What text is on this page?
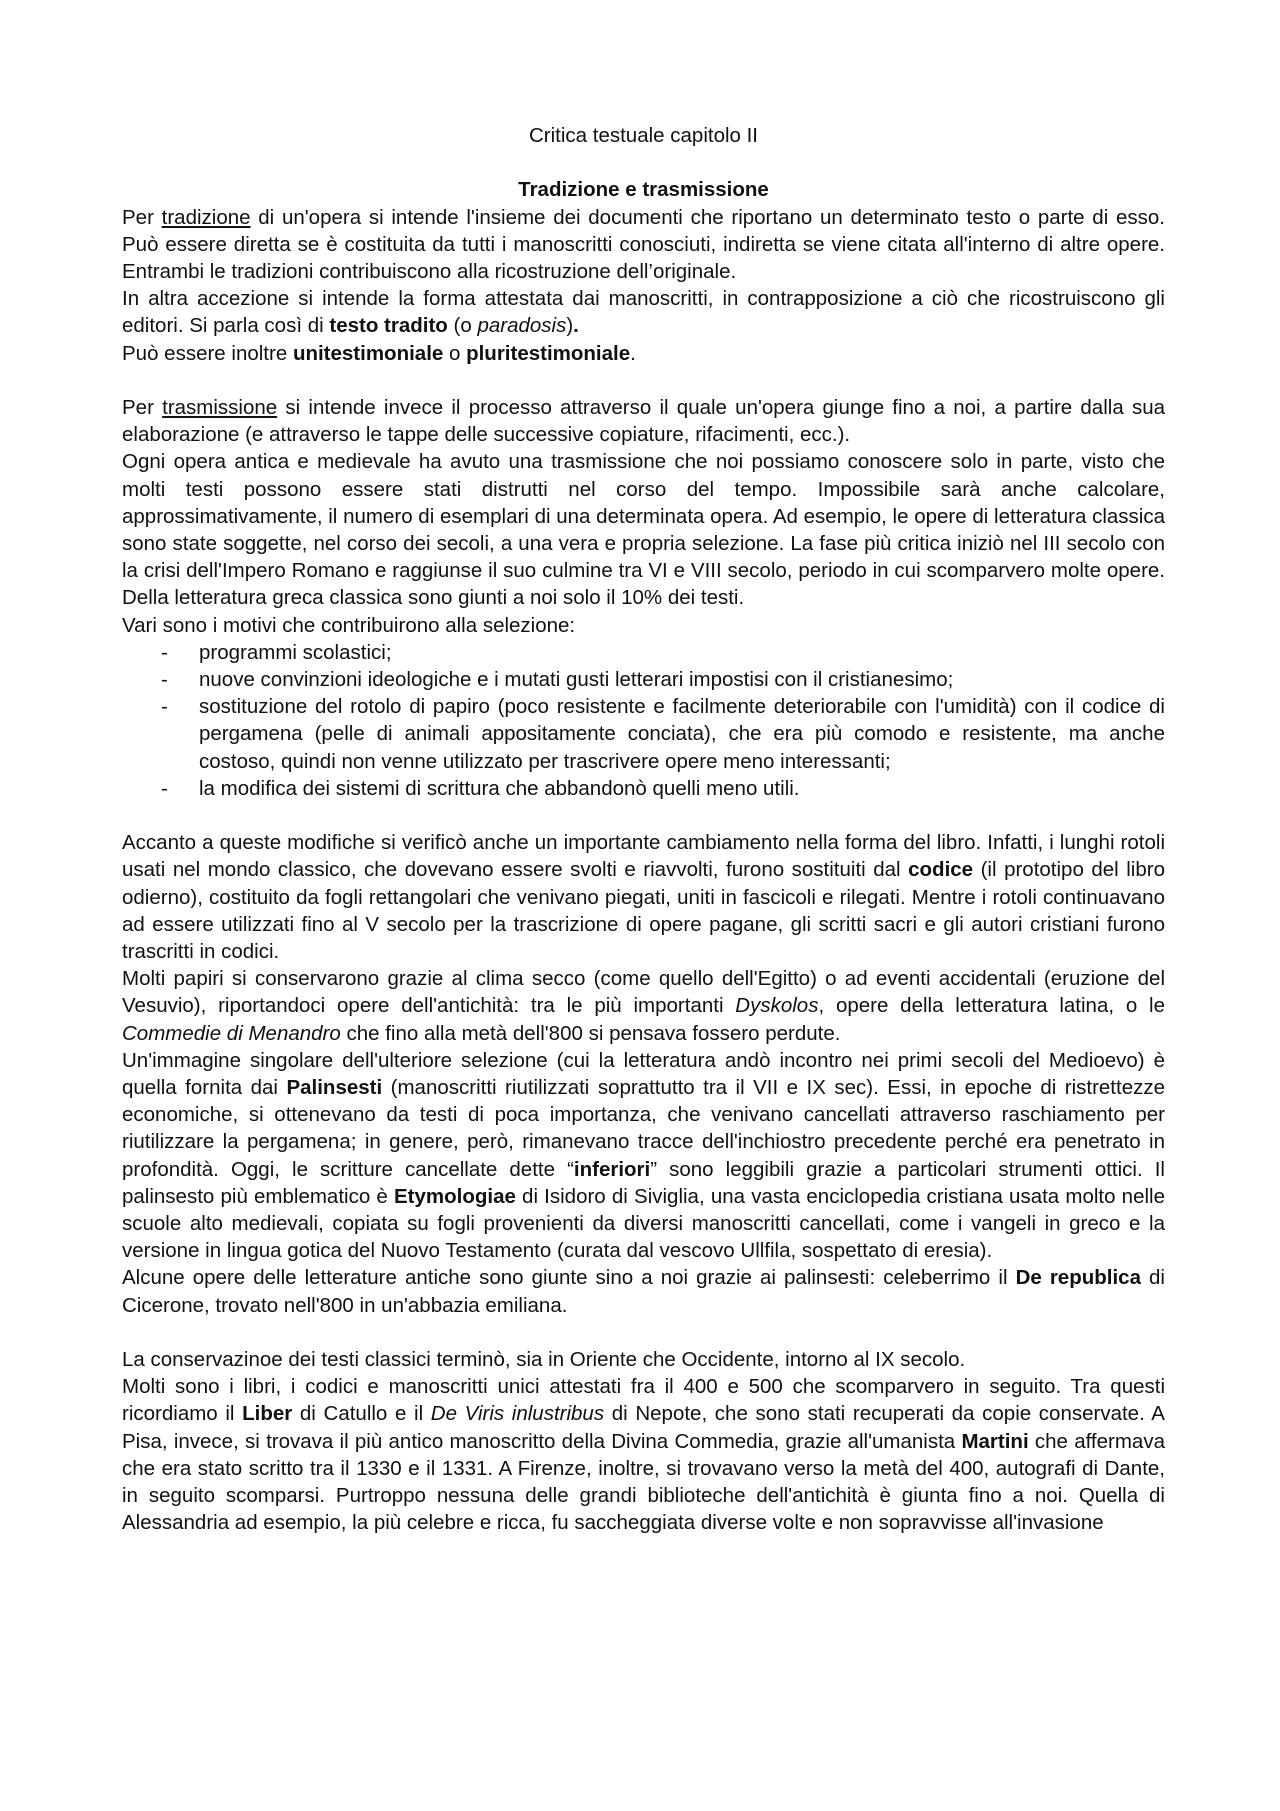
Critica testuale capitolo II

Tradizione e trasmissione

Per tradizione di un'opera si intende l'insieme dei documenti che riportano un determinato testo o parte di esso. Può essere diretta se è costituita da tutti i manoscritti conosciuti, indiretta se viene citata all'interno di altre opere. Entrambi le tradizioni contribuiscono alla ricostruzione dell’originale.

In altra accezione si intende la forma attestata dai manoscritti, in contrapposizione a ciò che ricostruiscono gli editori. Si parla così di testo tradito (o paradosis).

Può essere inoltre unitestimoniale o pluritestimoniale.

Per trasmissione si intende invece il processo attraverso il quale un'opera giunge fino a noi, a partire dalla sua elaborazione (e attraverso le tappe delle successive copiature, rifacimenti, ecc.).

Ogni opera antica e medievale ha avuto una trasmissione che noi possiamo conoscere solo in parte, visto che molti testi possono essere stati distrutti nel corso del tempo. Impossibile sarà anche calcolare, approssimativamente, il numero di esemplari di una determinata opera. Ad esempio, le opere di letteratura classica sono state soggette, nel corso dei secoli, a una vera e propria selezione. La fase più critica iniziò nel III secolo con la crisi dell'Impero Romano e raggiunse il suo culmine tra VI e VIII secolo, periodo in cui scomparvero molte opere. Della letteratura greca classica sono giunti a noi solo il 10% dei testi.

Vari sono i motivi che contribuirono alla selezione:

- programmi scolastici;
- nuove convinzioni ideologiche e i mutati gusti letterari impostisi con il cristianesimo;
- sostituzione del rotolo di papiro (poco resistente e facilmente deteriorabile con l'umidità) con il codice di pergamena (pelle di animali appositamente conciata), che era più comodo e resistente, ma anche costoso, quindi non venne utilizzato per trascrivere opere meno interessanti;
- la modifica dei sistemi di scrittura che abbandonò quelli meno utili.

Accanto a queste modifiche si verificò anche un importante cambiamento nella forma del libro. Infatti, i lunghi rotoli usati nel mondo classico, che dovevano essere svolti e riavvolti, furono sostituiti dal codice (il prototipo del libro odierno), costituito da fogli rettangolari che venivano piegati, uniti in fascicoli e rilegati. Mentre i rotoli continuavano ad essere utilizzati fino al V secolo per la trascrizione di opere pagane, gli scritti sacri e gli autori cristiani furono trascritti in codici.

Molti papiri si conservarono grazie al clima secco (come quello dell'Egitto) o ad eventi accidentali (eruzione del Vesuvio), riportandoci opere dell'antichità: tra le più importanti Dyskolos, opere della letteratura latina, o le Commedie di Menandro che fino alla metà dell'800 si pensava fossero perdute.

Un'immagine singolare dell'ulteriore selezione (cui la letteratura andò incontro nei primi secoli del Medioevo) è quella fornita dai Palinsesti (manoscritti riutilizzati soprattutto tra il VII e IX sec). Essi, in epoche di ristrettezze economiche, si ottenevano da testi di poca importanza, che venivano cancellati attraverso raschiamento per riutilizzare la pergamena; in genere, però, rimanevano tracce dell'inchiostro precedente perché era penetrato in profondità. Oggi, le scritture cancellate dette “inferiori” sono leggibili grazie a particolari strumenti ottici. Il palinsesto più emblematico è Etymologiae di Isidoro di Siviglia, una vasta enciclopedia cristiana usata molto nelle scuole alto medievali, copiata su fogli provenienti da diversi manoscritti cancellati, come i vangeli in greco e la versione in lingua gotica del Nuovo Testamento (curata dal vescovo Ullfila, sospettato di eresia).

Alcune opere delle letterature antiche sono giunte sino a noi grazie ai palinsesti: celeberrimo il De republica di Cicerone, trovato nell'800 in un'abbazia emiliana.

La conservazinoe dei testi classici terminò, sia in Oriente che Occidente, intorno al IX secolo.

Molti sono i libri, i codici e manoscritti unici attestati fra il 400 e 500 che scomparvero in seguito. Tra questi ricordiamo il Liber di Catullo e il De Viris inlustribus di Nepote, che sono stati recuperati da copie conservate. A Pisa, invece, si trovava il più antico manoscritto della Divina Commedia, grazie all'umanista Martini che affermava che era stato scritto tra il 1330 e il 1331. A Firenze, inoltre, si trovavano verso la metà del 400, autografi di Dante, in seguito scomparsi. Purtroppo nessuna delle grandi biblioteche dell'antichità è giunta fino a noi. Quella di Alessandria ad esempio, la più celebre e ricca, fu saccheggiata diverse volte e non sopravvisse all'invasione
